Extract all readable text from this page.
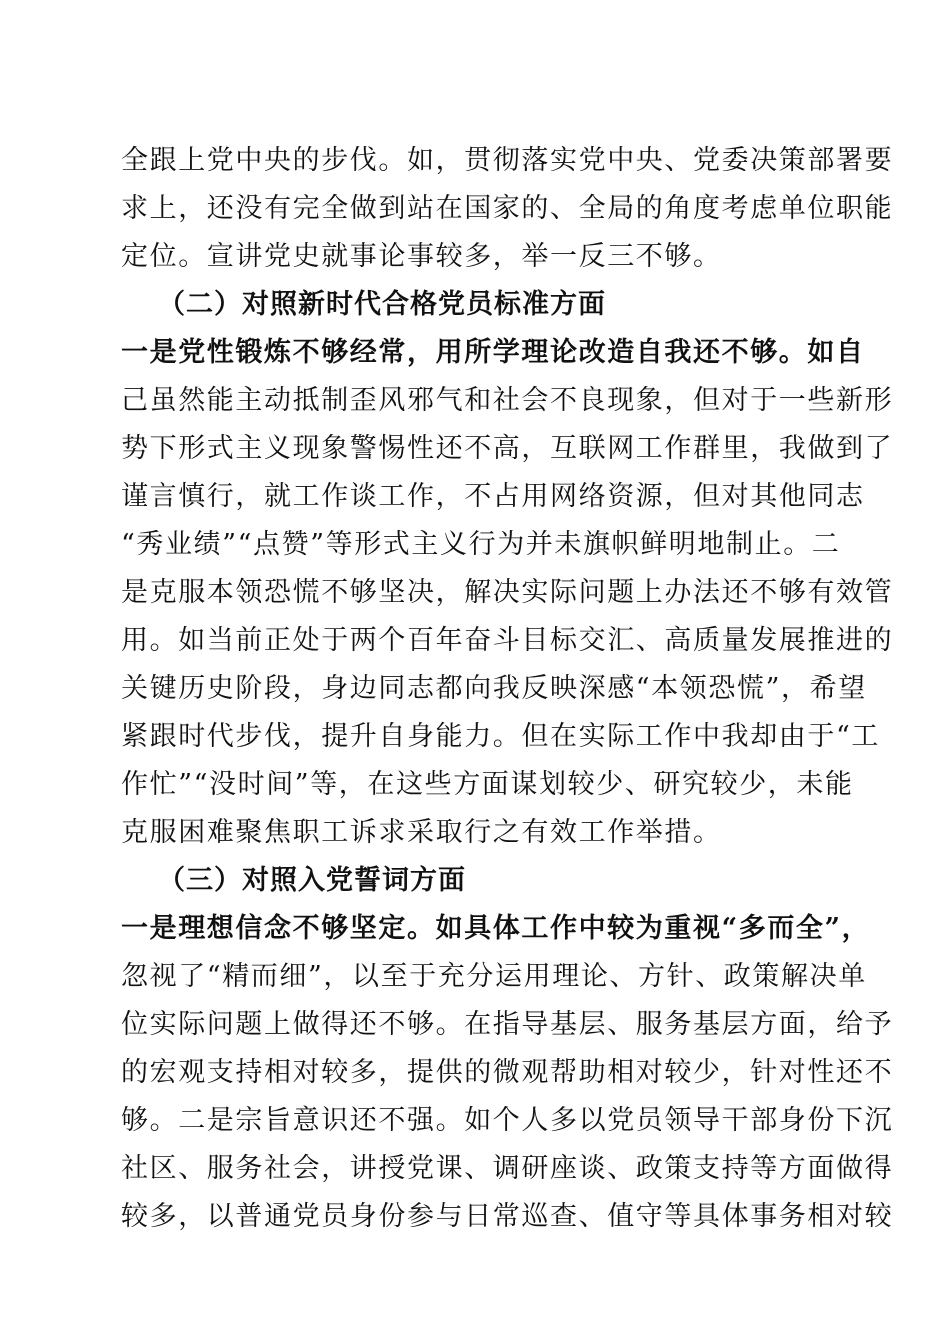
全跟上党中央的步伐。如，贯彻落实党中央、党委决策部署要
求上，还没有完全做到站在国家的、全局的角度考虑单位职能
定位。宣讲党史就事论事较多，举一反三不够。
（二）对照新时代合格党员标准方面
一是党性锻炼不够经常，用所学理论改造自我还不够。如自
己虽然能主动抵制歪风邪气和社会不良现象，但对于一些新形
势下形式主义现象警惕性还不高，互联网工作群里，我做到了
谨言慎行，就工作谈工作，不占用网络资源，但对其他同志
“秀业绩”“点赞”等形式主义行为并未旗帜鲜明地制止。二
是克服本领恐慌不够坚决，解决实际问题上办法还不够有效管
用。如当前正处于两个百年奋斗目标交汇、高质量发展推进的
关键历史阶段，身边同志都向我反映深感“本领恐慌”，希望
紧跟时代步伐，提升自身能力。但在实际工作中我却由于“工
作忙”“没时间”等，在这些方面谋划较少、研究较少，未能
克服困难聚焦职工诉求采取行之有效工作举措。
（三）对照入党誓词方面
一是理想信念不够坚定。如具体工作中较为重视“多而全”，
忽视了“精而细”，以至于充分运用理论、方针、政策解决单
位实际问题上做得还不够。在指导基层、服务基层方面，给予
的宏观支持相对较多，提供的微观帮助相对较少，针对性还不
够。二是宗旨意识还不强。如个人多以党员领导干部身份下沉
社区、服务社会，讲授党课、调研座谈、政策支持等方面做得
较多，以普通党员身份参与日常巡查、值守等具体事务相对较
